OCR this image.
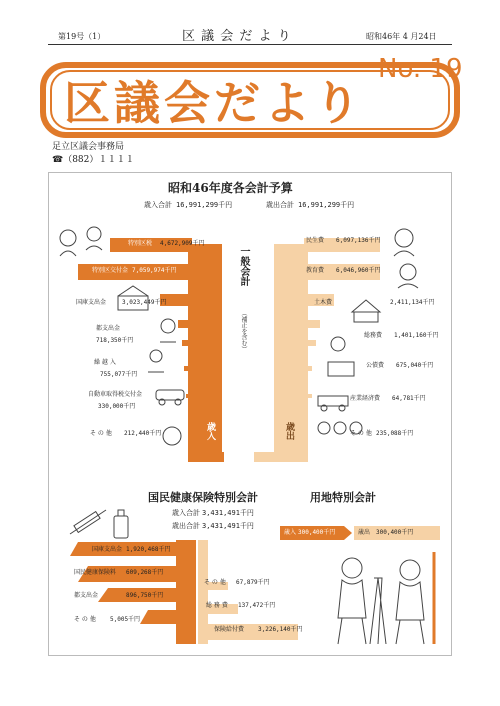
第19号（1）	区 議 会 だ よ り	昭和46年 4 月24日
No. 19
区議会だより
足立区議会事務局
☎（882）１１１１
昭和46年度各会計予算
歳入合計 16,991,299千円	歳出合計 16,991,299千円
一般会計
（補正を含む）
歳入	歳出
特別区税 4,672,909千円
特別区交付金 7,059,974千円
国庫支出金	3,023,449千円
都支出金
718,350千円
繰 越 入
755,077千円
自動車取得税交付金
330,000千円
そ の 他 212,440千円
民生費 6,097,136千円
教育費 6,046,960千円
土木費	2,411,134千円
総務費 1,401,160千円
公債費 675,040千円
産業経済費 64,781千円
そ の 他 235,088千円
国民健康保険特別会計
歳入合計 3,431,491千円
歳出合計 3,431,491千円
国庫支出金 1,920,468千円
国民健康保険料 609,268千円
都支出金	896,750千円
そ の 他 5,005千円
そ の 他 67,879千円
総 務 費 137,472千円
保険給付費 3,226,140千円
用地特別会計
歳入 300,400千円	歳出 300,400千円
